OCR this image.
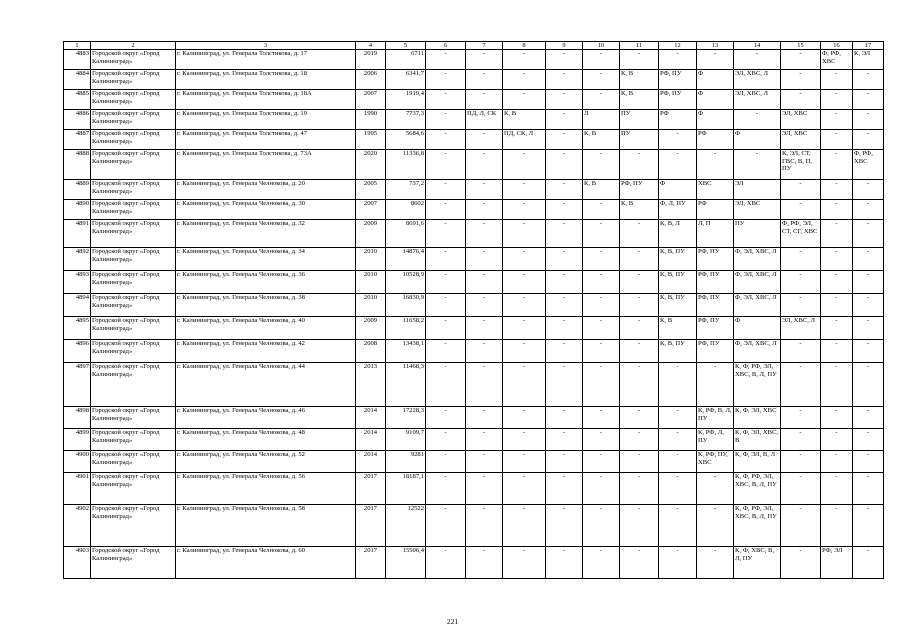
1	2	3	4	5	6	7	8	9	10	11	12	13	14	15	16	17
4883	Городской округ «Город Калининград»	г. Калининград, ул. Генерала Толстикова, д. 17	2019	6711	-	-	-	-	-	-	-	-	-	-	Ф, РФ, ХВС	К, ЭЛ
4884	Городской округ «Город Калининград»	г. Калининград, ул. Генерала Толстикова, д. 18	2006	6341,7	-	-	-	-	-	К, В	РФ, ПУ	Ф	ЭЛ, ХВС, Л	-	-	-
4885	Городской округ «Город Калининград»	г. Калининград, ул. Генерала Толстикова, д. 18А	2007	1919,4	-	-	-	-	-	К, В	РФ, ПУ	Ф	ЭЛ, ХВС, Л	-	-	-
4886	Городской округ «Город Калининград»	г. Калининград, ул. Генерала Толстикова, д. 19	1990	7737,3	-	ПД, Л, СК	К, В	-	Л	ПУ	РФ	Ф	-	ЭЛ, ХВС	-	-
4887	Городской округ «Город Калининград»	г. Калининград, ул. Генерала Толстикова, д. 47	1995	5684,6	-	-	ПД, СК, Л	-	К, В	ПУ	-	РФ	Ф	ЭЛ, ХВС	-	-
4888	Городской округ «Город Калининград»	г. Калининград, ул. Генерала Толстикова, д. 73А	2020	11336,8	-	-	-	-	-	-	-	-	-	К, ЭЛ, СТ, ГВС, В, П, ПУ	-	Ф, РФ, ХВС
4889	Городской округ «Город Калининград»	г. Калининград, ул. Генерала Челнокова, д. 20	2005	737,2	-	-	-	-	К, В	РФ, ПУ	Ф	ХВС	ЭЛ	-	-	-
4890	Городской округ «Город Калининград»	г. Калининград, ул. Генерала Челнокова, д. 30	2007	8602	-	-	-	-	-	К, В	Ф, Л, ПУ	РФ	ЭЛ, ХВС	-	-	-
4891	Городской округ «Город Калининград»	г. Калининград, ул. Генерала Челнокова, д. 32	2009	8691,6	-	-	-	-	-	-	К, В, Л	Л, П	ПУ	Ф, РФ, ЭЛ, СТ, СГ, ХВС	-	-
4892	Городской округ «Город Калининград»	г. Калининград, ул. Генерала Челнокова, д. 34	2010	14876,4	-	-	-	-	-	-	К, В, ПУ	РФ, ПУ	Ф, ЭЛ, ХВС, Л	-	-	-
4893	Городской округ «Город Калининград»	г. Калининград, ул. Генерала Челнокова, д. 36	2010	10528,9	-	-	-	-	-	-	К, В, ПУ	РФ, ПУ	Ф, ЭЛ, ХВС, Л	-	-	-
4894	Городской округ «Город Калининград»	г. Калининград, ул. Генерала Челнокова, д. 38	2010	16830,9	-	-	-	-	-	-	К, В, ПУ	РФ, ПУ	Ф, ЭЛ, ХВС, Л	-	-	-
4895	Городской округ «Город Калининград»	г. Калининград, ул. Генерала Челнокова, д. 40	2009	11658,2	-	-	-	-	-	-	К, В	РФ, ПУ	Ф	ЭЛ, ХВС, Л	-	-
4896	Городской округ «Город Калининград»	г. Калининград, ул. Генерала Челнокова, д. 42	2008	13438,1	-	-	-	-	-	-	К, В, ПУ	РФ, ПУ	Ф, ЭЛ, ХВС, Л	-	-	-
4897	Городской округ «Город Калининград»	г. Калининград, ул. Генерала Челнокова, д. 44	2013	11468,3	-	-	-	-	-	-	-	-	К, Ф, РФ, ЭЛ, ХВС, В, Л, ПУ	-	-	-
4898	Городской округ «Город Калининград»	г. Калининград, ул. Генерала Челнокова, д. 46	2014	17228,3	-	-	-	-	-	-	-	К, РФ, В, Л, ПУ	К, Ф, ЭЛ, ХВС	-	-	-
4899	Городской округ «Город Калининград»	г. Калининград, ул. Генерала Челнокова, д. 48	2014	9109,7	-	-	-	-	-	-	-	К, РФ, Л, ПУ	К, Ф, ЭЛ, ХВС, В	-	-	-
4900	Городской округ «Город Калининград»	г. Калининград, ул. Генерала Челнокова, д. 52	2014	9281	-	-	-	-	-	-	-	К, РФ, ПУ, ХВС	К, Ф, ЭЛ, В, Л	-	-	-
4901	Городской округ «Город Калининград»	г. Калининград, ул. Генерала Челнокова, д. 56	2017	18187,1	-	-	-	-	-	-	-	-	К, Ф, РФ, ЭЛ, ХВС, В, Л, ПУ	-	-	-
4902	Городской округ «Город Калининград»	г. Калининград, ул. Генерала Челнокова, д. 58	2017	12522	-	-	-	-	-	-	-	-	К, Ф, РФ, ЭЛ, ХВС, В, Л, ПУ	-	-	-
4903	Городской округ «Город Калининград»	г. Калининград, ул. Генерала Челнокова, д. 60	2017	15506,4	-	-	-	-	-	-	-	-	К, Ф, ХВС, В, Л, ПУ	-	РФ, ЭЛ	-
221
